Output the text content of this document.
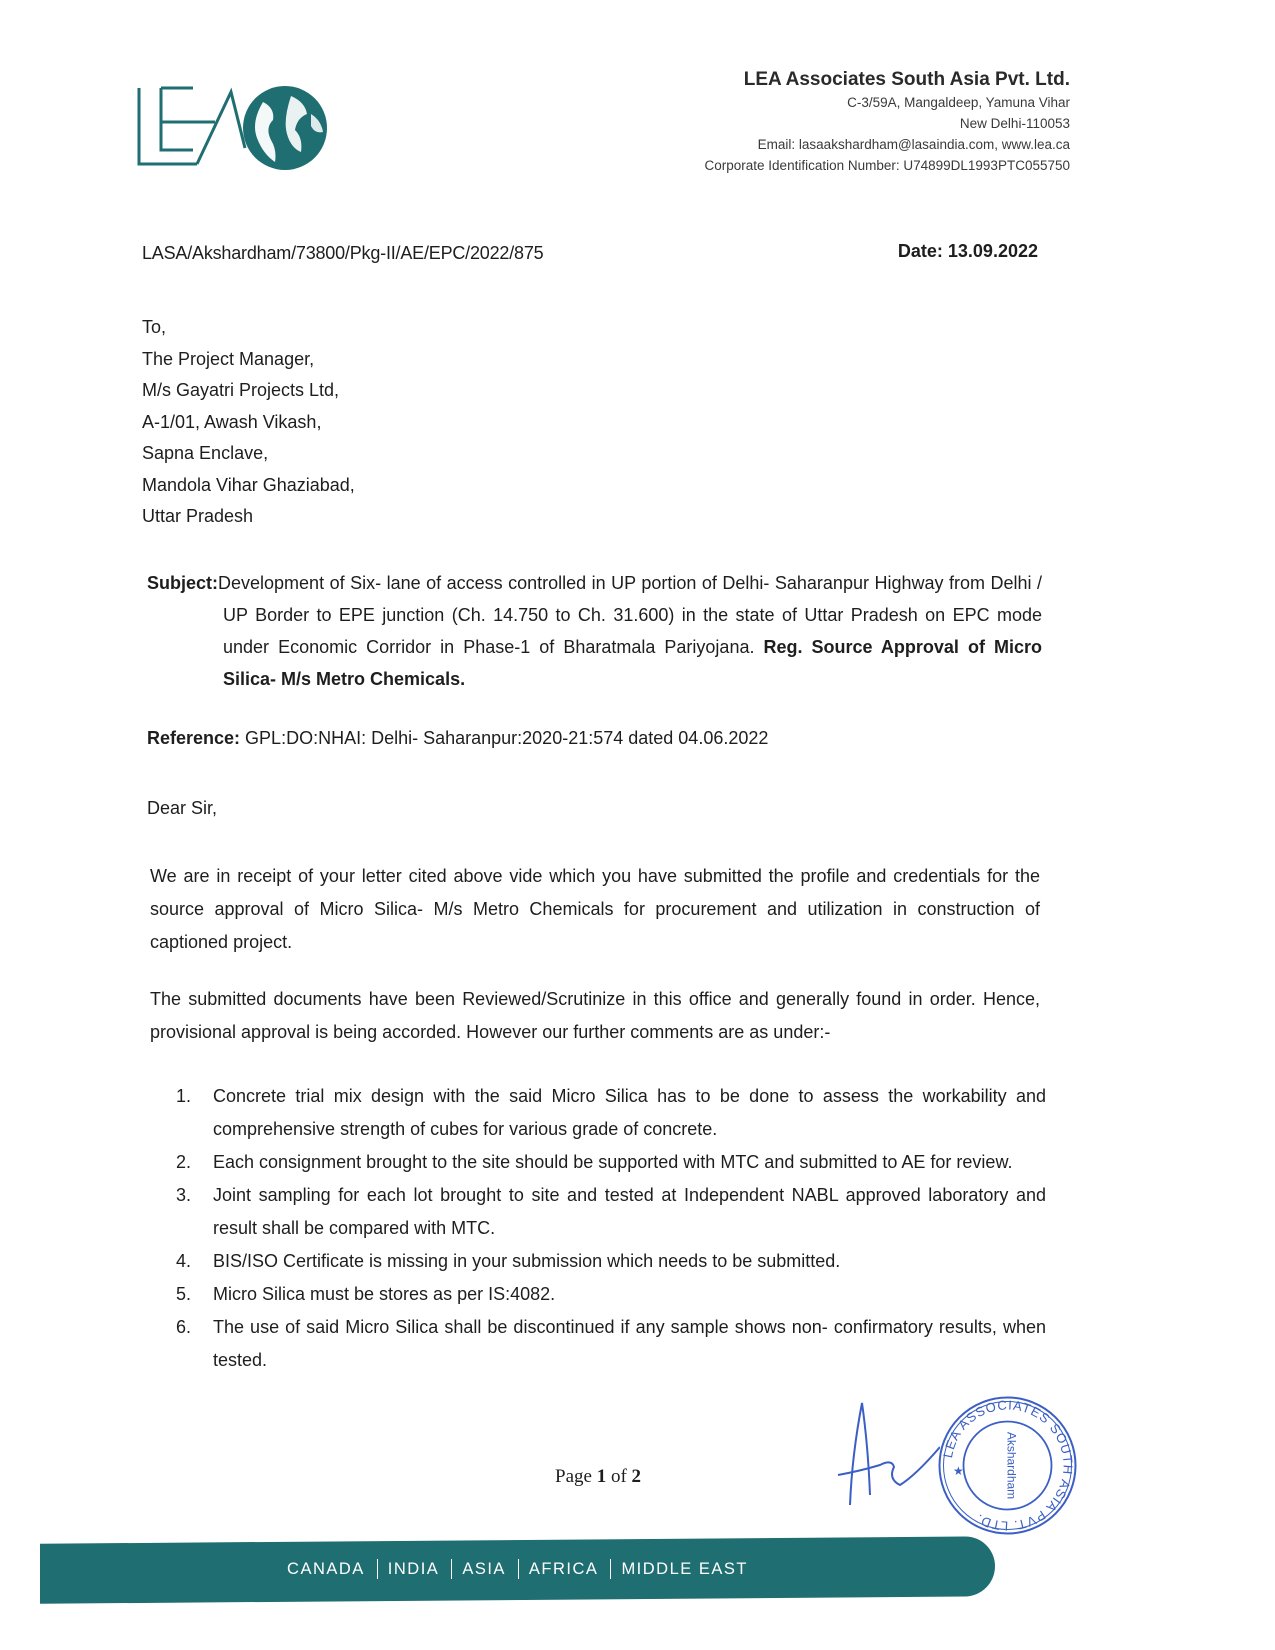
LEA Associates South Asia Pvt. Ltd.
C-3/59A, Mangaldeep, Yamuna Vihar
New Delhi-110053
Email: lasaakshardham@lasaindia.com, www.lea.ca
Corporate Identification Number: U74899DL1993PTC055750
LASA/Akshardham/73800/Pkg-II/AE/EPC/2022/875	Date: 13.09.2022
To,
The Project Manager,
M/s Gayatri Projects Ltd,
A-1/01, Awash Vikash,
Sapna Enclave,
Mandola Vihar Ghaziabad,
Uttar Pradesh
Subject:Development of Six- lane of access controlled in UP portion of Delhi- Saharanpur Highway from Delhi / UP Border to EPE junction (Ch. 14.750 to Ch. 31.600) in the state of Uttar Pradesh on EPC mode under Economic Corridor in Phase-1 of Bharatmala Pariyojana. Reg. Source Approval of Micro Silica- M/s Metro Chemicals.
Reference: GPL:DO:NHAI: Delhi- Saharanpur:2020-21:574 dated 04.06.2022
Dear Sir,
We are in receipt of your letter cited above vide which you have submitted the profile and credentials for the source approval of Micro Silica- M/s Metro Chemicals for procurement and utilization in construction of captioned project.
The submitted documents have been Reviewed/Scrutinize in this office and generally found in order. Hence, provisional approval is being accorded. However our further comments are as under:-
1. Concrete trial mix design with the said Micro Silica has to be done to assess the workability and comprehensive strength of cubes for various grade of concrete.
2. Each consignment brought to the site should be supported with MTC and submitted to AE for review.
3. Joint sampling for each lot brought to site and tested at Independent NABL approved laboratory and result shall be compared with MTC.
4. BIS/ISO Certificate is missing in your submission which needs to be submitted.
5. Micro Silica must be stores as per IS:4082.
6. The use of said Micro Silica shall be discontinued if any sample shows non- confirmatory results, when tested.
Page 1 of 2
LEA ASSOCIATES SOUTH ASIA PVT. LTD.
Akshardham
★
CANADA	INDIA	ASIA	AFRICA	MIDDLE EAST
